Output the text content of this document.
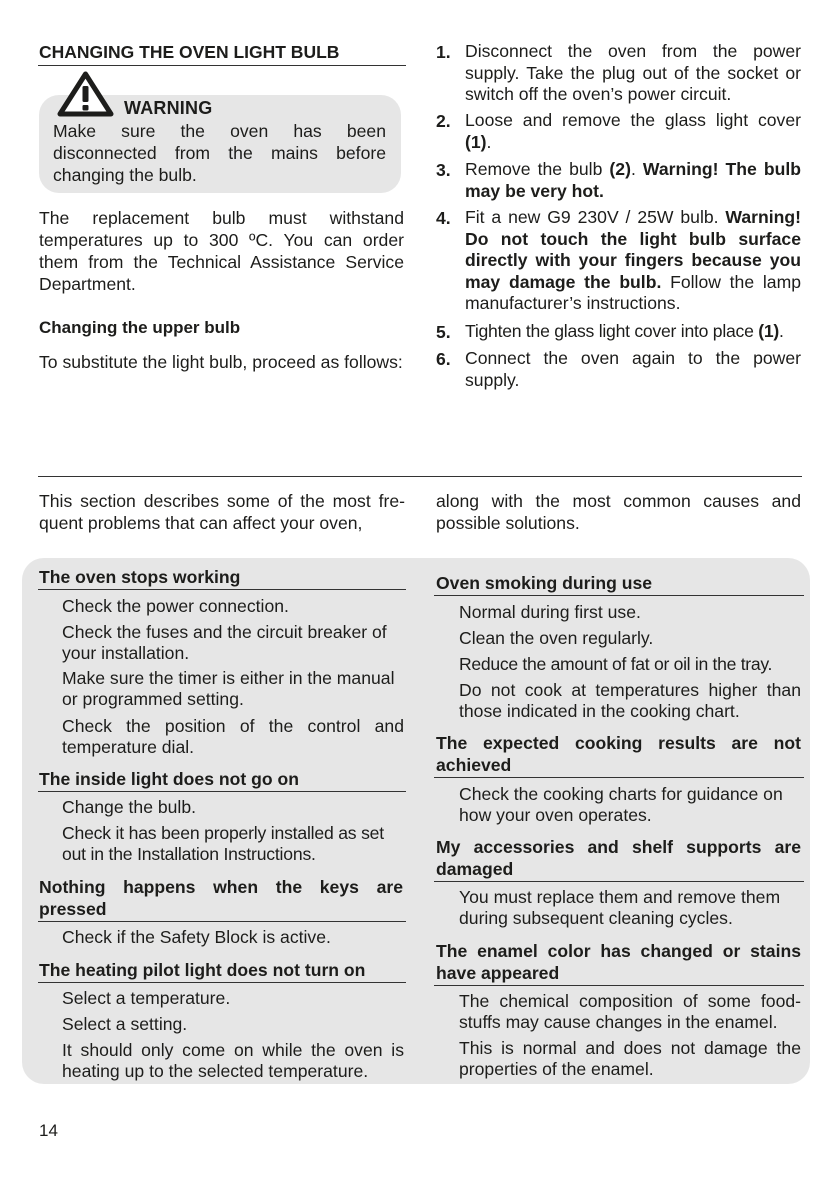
CHANGING THE OVEN LIGHT BULB
WARNING

Make sure the oven has been disconnected from the mains before changing the bulb.

The replacement bulb must withstand temperatures up to 300 ºC. You can order them from the Technical Assistance Service Department.

Changing the upper bulb

To substitute the light bulb, proceed as follows:

1. Disconnect the oven from the power supply. Take the plug out of the socket or switch off the oven’s power circuit.
2. Loose and remove the glass light cover (1).
3. Remove the bulb (2). Warning! The bulb may be very hot.
4. Fit a new G9 230V / 25W bulb. Warning! Do not touch the light bulb surface directly with your fingers because you may damage the bulb. Follow the lamp manufacturer’s instructions.
5. Tighten the glass light cover into place (1).
6. Connect the oven again to the power supply.

This section describes some of the most fre-quent problems that can affect your oven,

along with the most common causes and possible solutions.

The oven stops working
Check the power connection.
Check the fuses and the circuit breaker of your installation.
Make sure the timer is either in the manual or programmed setting.
Check the position of the control and temperature dial.
The inside light does not go on
Change the bulb.
Check it has been properly installed as set out in the Installation Instructions.
Nothing happens when the keys are pressed
Check if the Safety Block is active.
The heating pilot light does not turn on
Select a temperature.
Select a setting.
It should only come on while the oven is heating up to the selected temperature.
Oven smoking during use
Normal during first use.
Clean the oven regularly.
Reduce the amount of fat or oil in the tray.
Do not cook at temperatures higher than those indicated in the cooking chart.
The expected cooking results are not achieved
Check the cooking charts for guidance on how your oven operates.
My accessories and shelf supports are damaged
You must replace them and remove them during subsequent cleaning cycles.
The enamel color has changed or stains have appeared
The chemical composition of some food-stuffs may cause changes in the enamel.
This is normal and does not damage the properties of the enamel.
14
